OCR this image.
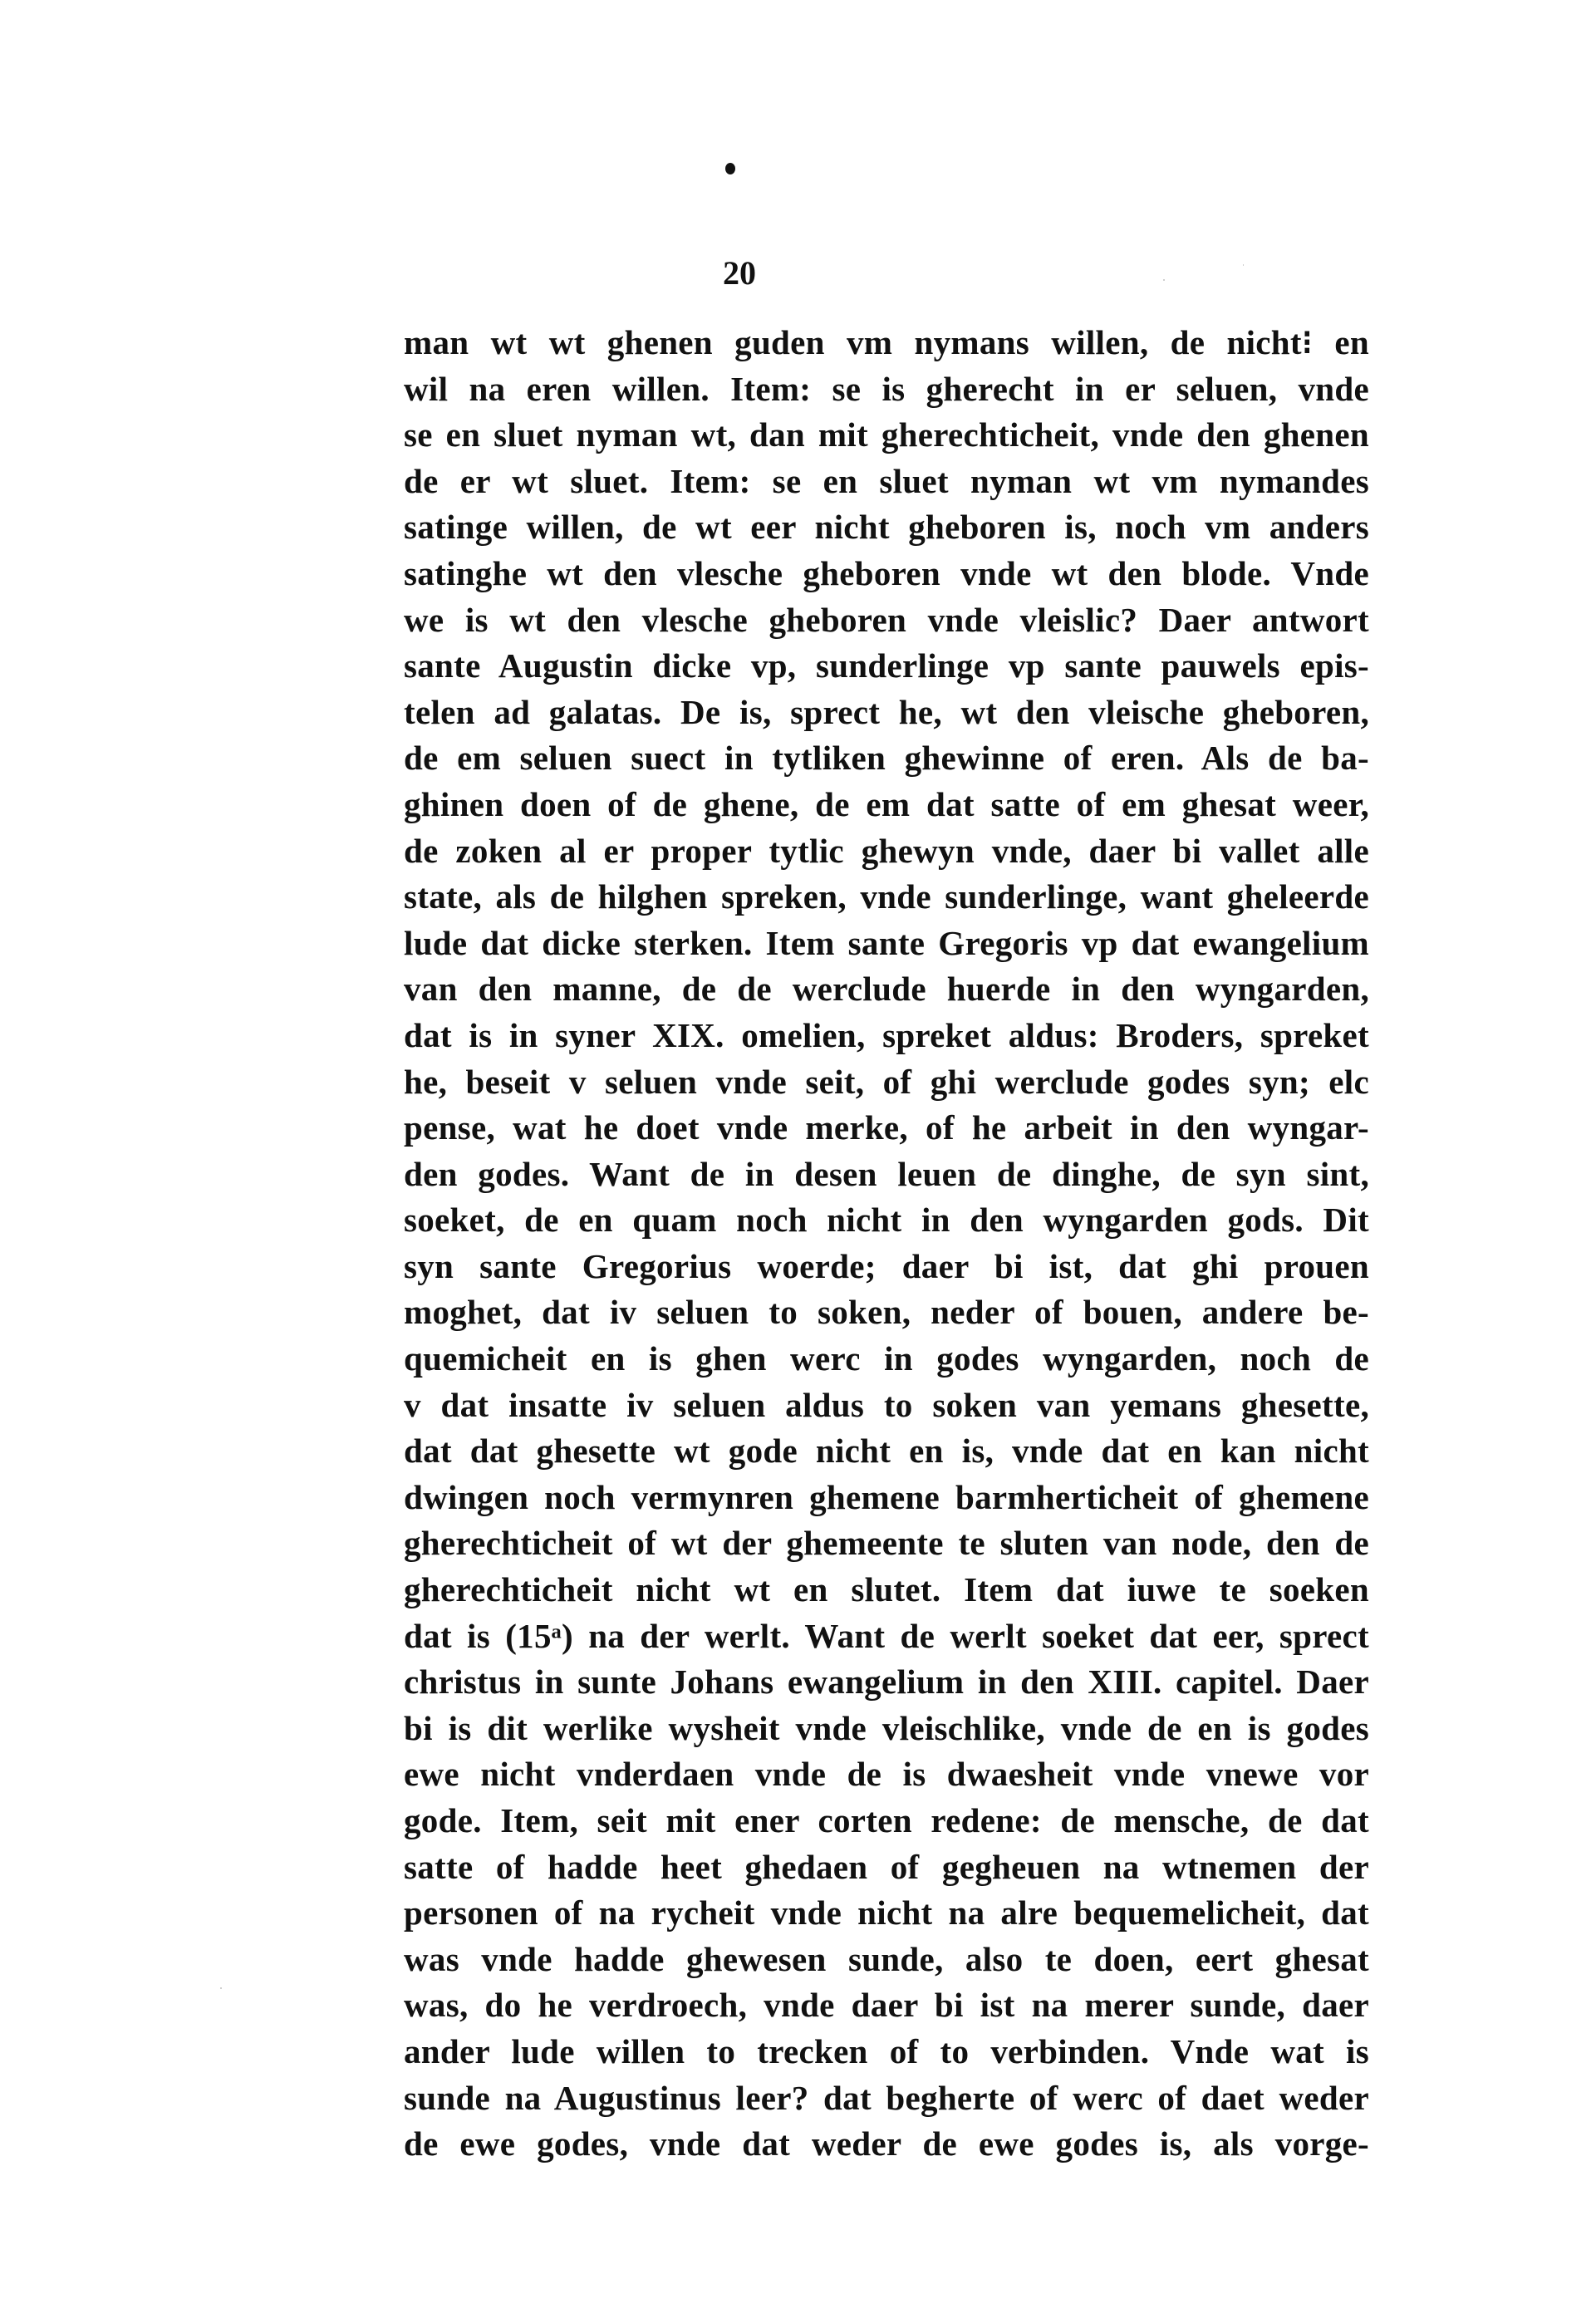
20
man wt wt ghenen guden vm nymans willen, de nicht⁝ en
wil na eren willen. Item: se is gherecht in er seluen, vnde
se en sluet nyman wt, dan mit gherechticheit, vnde den ghenen
de er wt sluet. Item: se en sluet nyman wt vm nymandes
satinge willen, de wt eer nicht gheboren is, noch vm anders
satinghe wt den vlesche gheboren vnde wt den blode. Vnde
we is wt den vlesche gheboren vnde vleislic? Daer antwort
sante Augustin dicke vp, sunderlinge vp sante pauwels epis-
telen ad galatas. De is, sprect he, wt den vleische gheboren,
de em seluen suect in tytliken ghewinne of eren. Als de ba-
ghinen doen of de ghene, de em dat satte of em ghesat weer,
de zoken al er proper tytlic ghewyn vnde, daer bi vallet alle
state, als de hilghen spreken, vnde sunderlinge, want gheleerde
lude dat dicke sterken. Item sante Gregoris vp dat ewangelium
van den manne, de de werclude huerde in den wyngarden,
dat is in syner XIX. omelien, spreket aldus: Broders, spreket
he, beseit v seluen vnde seit, of ghi werclude godes syn; elc
pense, wat he doet vnde merke, of he arbeit in den wyngar-
den godes. Want de in desen leuen de dinghe, de syn sint,
soeket, de en quam noch nicht in den wyngarden gods. Dit
syn sante Gregorius woerde; daer bi ist, dat ghi prouen
moghet, dat iv seluen to soken, neder of bouen, andere be-
quemicheit en is ghen werc in godes wyngarden, noch de
v dat insatte iv seluen aldus to soken van yemans ghesette,
dat dat ghesette wt gode nicht en is, vnde dat en kan nicht
dwingen noch vermynren ghemene barmherticheit of ghemene
gherechticheit of wt der ghemeente te sluten van node, den de
gherechticheit nicht wt en slutet. Item dat iuwe te soeken
dat is (15ᵃ) na der werlt. Want de werlt soeket dat eer, sprect
christus in sunte Johans ewangelium in den XIII. capitel. Daer
bi is dit werlike wysheit vnde vleischlike, vnde de en is godes
ewe nicht vnderdaen vnde de is dwaesheit vnde vnewe vor
gode. Item, seit mit ener corten redene: de mensche, de dat
satte of hadde heet ghedaen of gegheuen na wtnemen der
personen of na rycheit vnde nicht na alre bequemelicheit, dat
was vnde hadde ghewesen sunde, also te doen, eert ghesat
was, do he verdroech, vnde daer bi ist na merer sunde, daer
ander lude willen to trecken of to verbinden. Vnde wat is
sunde na Augustinus leer? dat begherte of werc of daet weder
de ewe godes, vnde dat weder de ewe godes is, als vorge-
